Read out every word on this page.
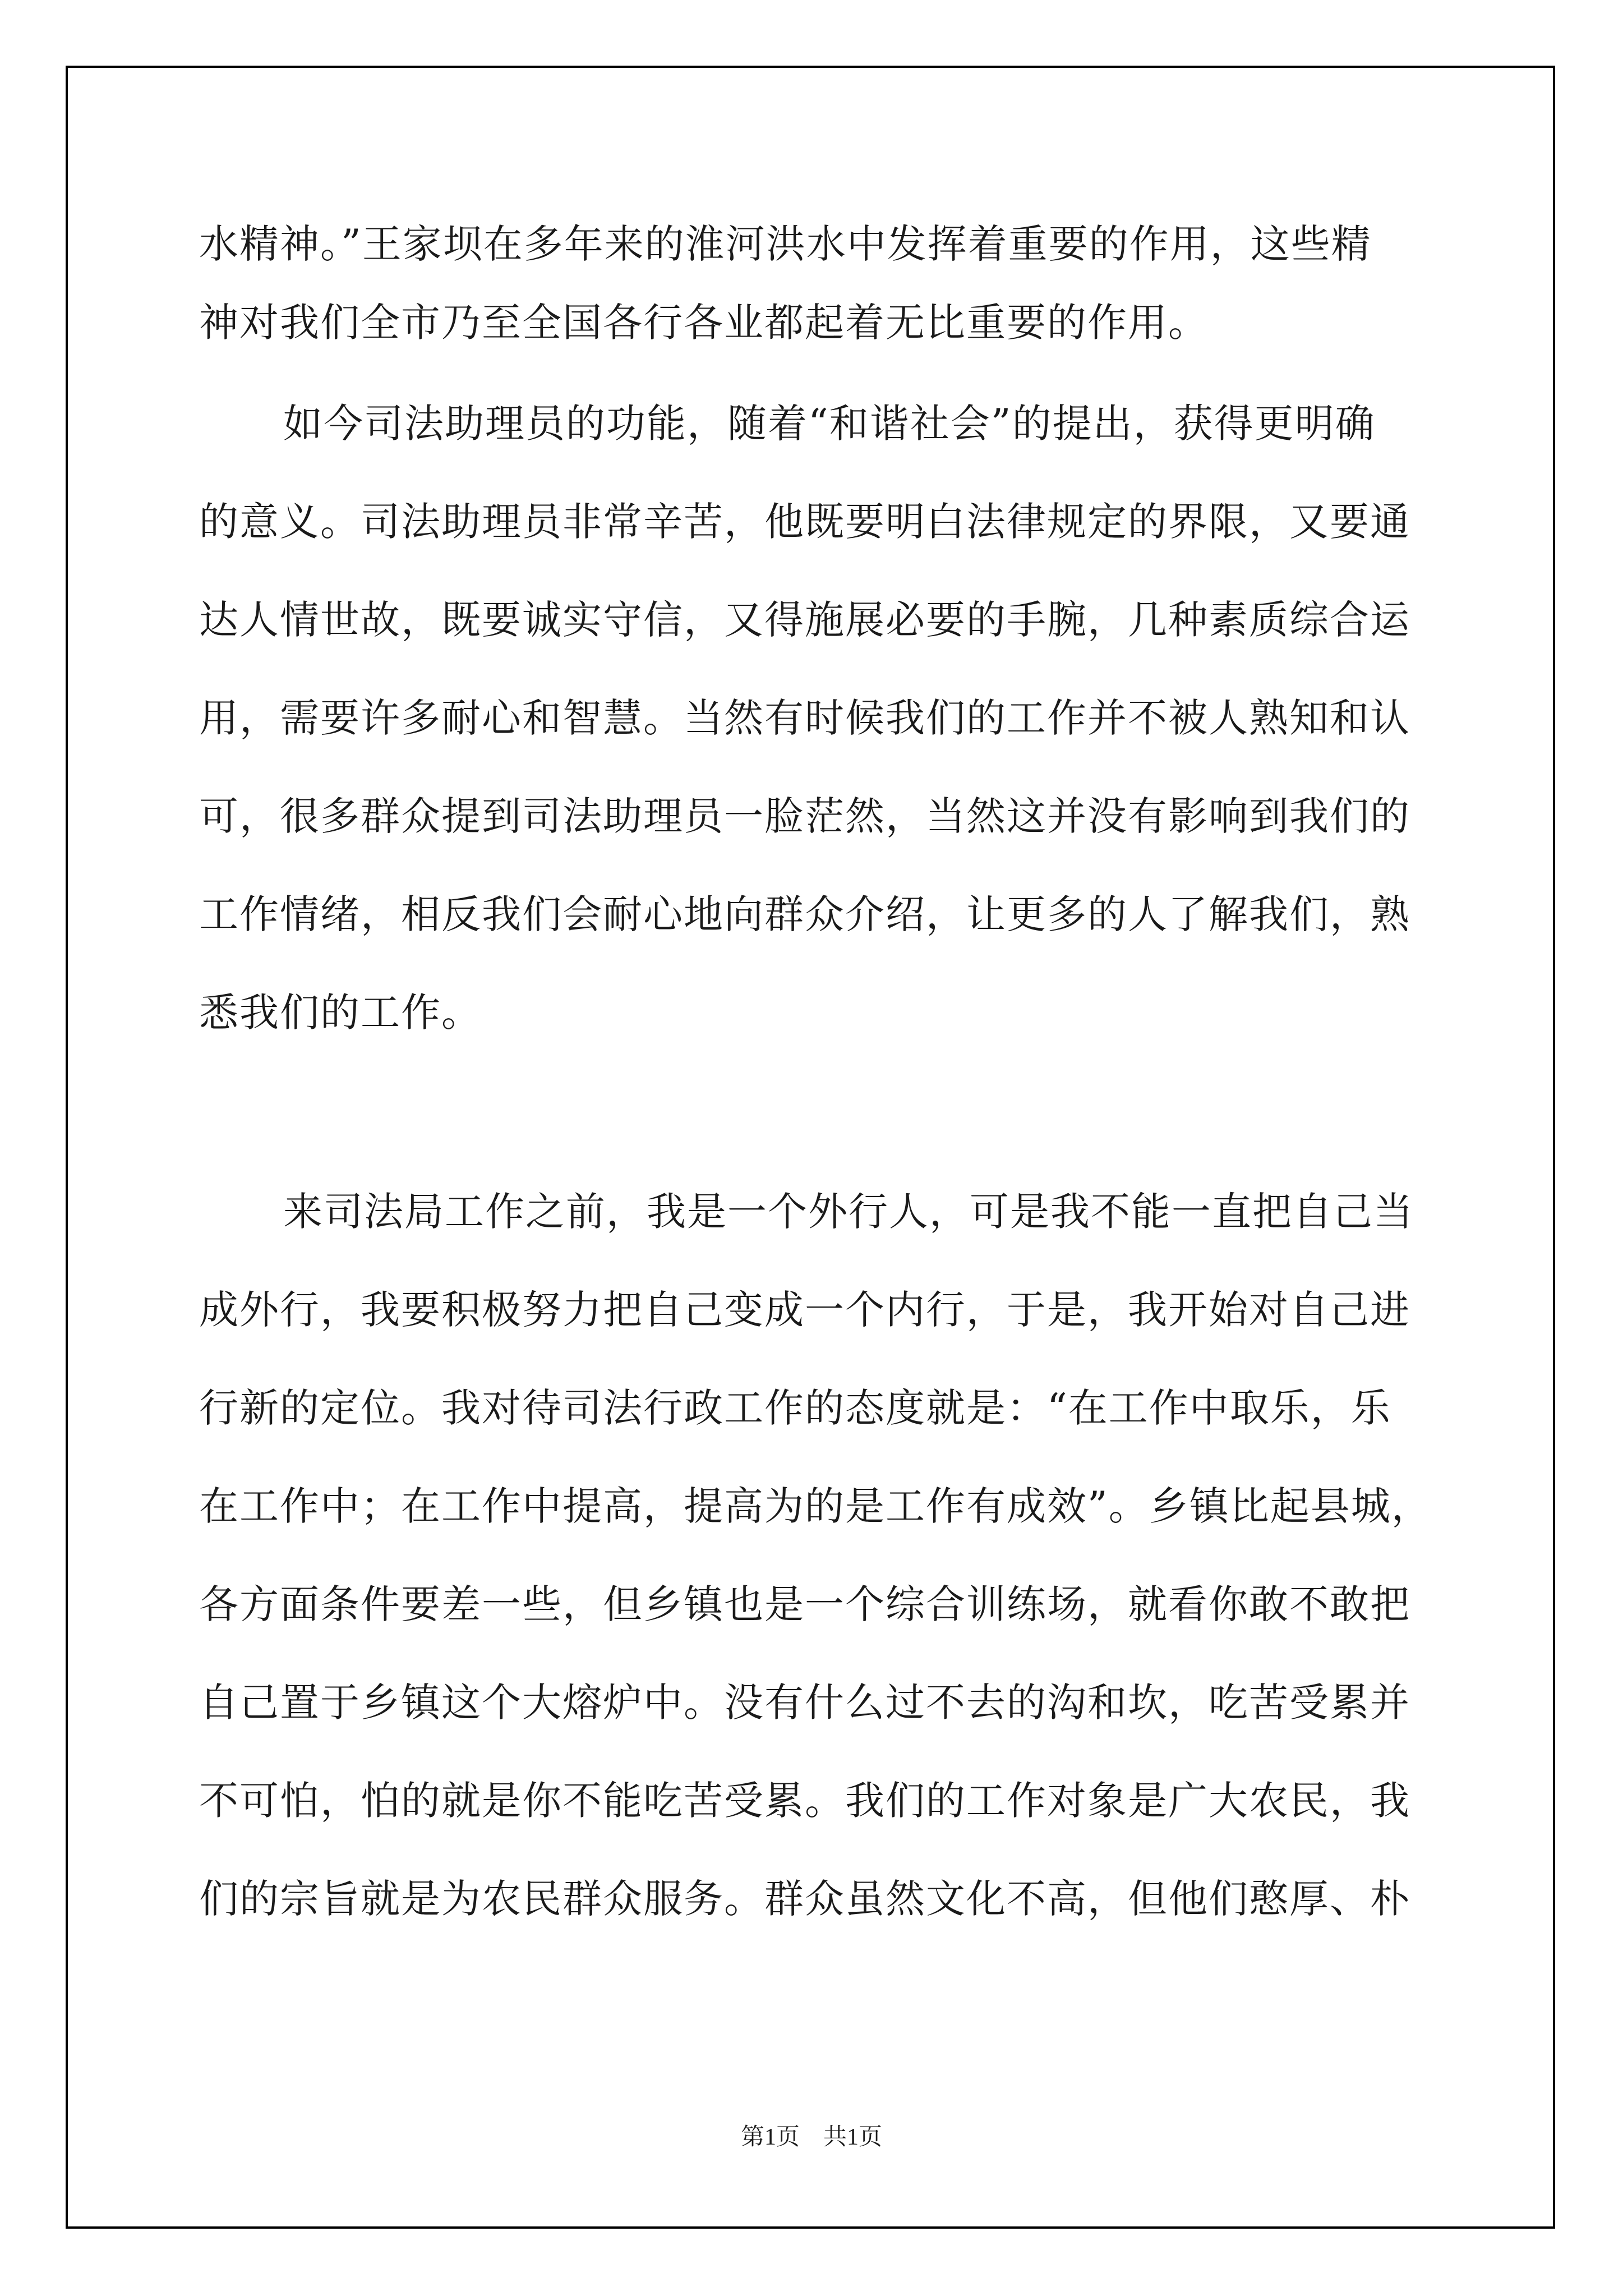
水精神。”王家坝在多年来的淮河洪水中发挥着重要的作用，这些精
神对我们全市乃至全国各行各业都起着无比重要的作用。
如今司法助理员的功能，随着“和谐社会”的提出，获得更明确
的意义。司法助理员非常辛苦，他既要明白法律规定的界限，又要通
达人情世故，既要诚实守信，又得施展必要的手腕，几种素质综合运
用，需要许多耐心和智慧。当然有时候我们的工作并不被人熟知和认
可，很多群众提到司法助理员一脸茫然，当然这并没有影响到我们的
工作情绪，相反我们会耐心地向群众介绍，让更多的人了解我们，熟
悉我们的工作。
来司法局工作之前，我是一个外行人，可是我不能一直把自己当
成外行，我要积极努力把自己变成一个内行，于是，我开始对自己进
行新的定位。我对待司法行政工作的态度就是：“在工作中取乐，乐
在工作中；在工作中提高，提高为的是工作有成效”。乡镇比起县城，
各方面条件要差一些，但乡镇也是一个综合训练场，就看你敢不敢把
自己置于乡镇这个大熔炉中。没有什么过不去的沟和坎，吃苦受累并
不可怕，怕的就是你不能吃苦受累。我们的工作对象是广大农民，我
们的宗旨就是为农民群众服务。群众虽然文化不高，但他们憨厚、朴
第1页　共1页
